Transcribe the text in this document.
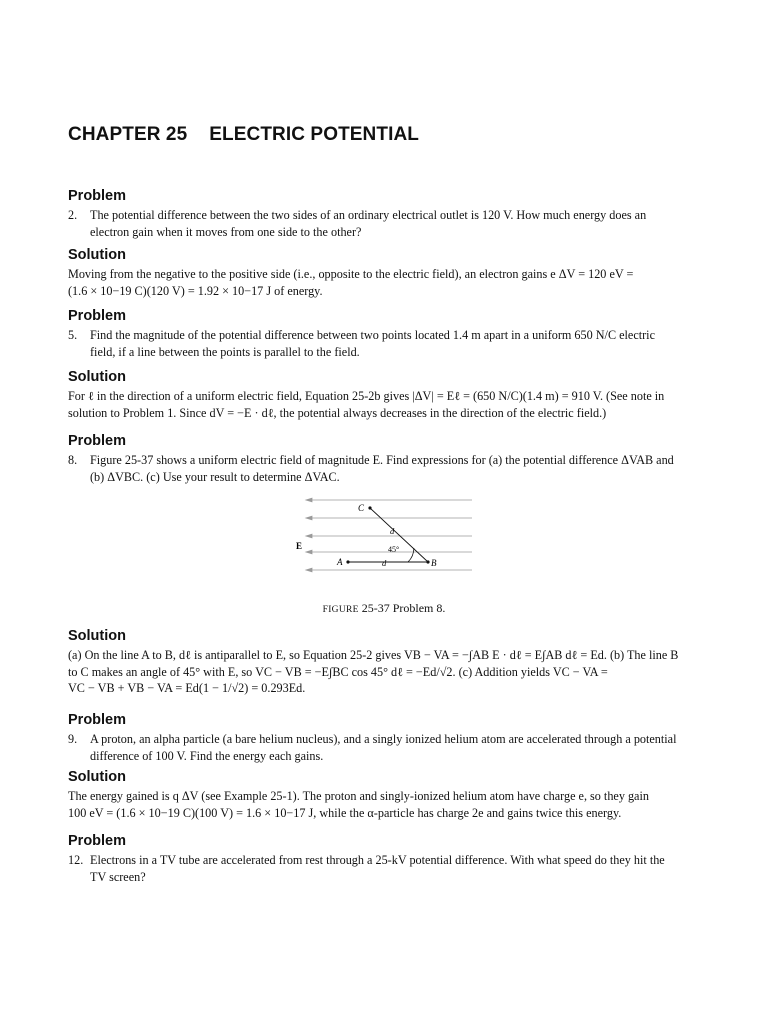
CHAPTER 25 ELECTRIC POTENTIAL
Problem
2. The potential difference between the two sides of an ordinary electrical outlet is 120 V. How much energy does an
electron gain when it moves from one side to the other?
Solution
Moving from the negative to the positive side (i.e., opposite to the electric field), an electron gains e ΔV = 120 eV =
(1.6 × 10−19 C)(120 V) = 1.92 × 10−17 J of energy.
Problem
5. Find the magnitude of the potential difference between two points located 1.4 m apart in a uniform 650 N/C electric
field, if a line between the points is parallel to the field.
Solution
For ℓ in the direction of a uniform electric field, Equation 25-2b gives |ΔV| = Eℓ = (650 N/C)(1.4 m) = 910 V. (See note in
solution to Problem 1. Since dV = −E · dℓ, the potential always decreases in the direction of the electric field.)
Problem
8. Figure 25-37 shows a uniform electric field of magnitude E. Find expressions for (a) the potential difference ΔVAB and
(b) ΔVBC. (c) Use your result to determine ΔVAC.
C
A	B
E
d
d
45°
FIGURE 25-37 Problem 8.
Solution
(a) On the line A to B, dℓ is antiparallel to E, so Equation 25-2 gives VB − VA = −∫AB E · dℓ = E∫AB dℓ = Ed. (b) The line B
to C makes an angle of 45° with E, so VC − VB = −E∫BC cos 45° dℓ = −Ed/√2. (c) Addition yields VC − VA =
VC − VB + VB − VA = Ed(1 − 1/√2) = 0.293Ed.
Problem
9. A proton, an alpha particle (a bare helium nucleus), and a singly ionized helium atom are accelerated through a potential
difference of 100 V. Find the energy each gains.
Solution
The energy gained is q ΔV (see Example 25-1). The proton and singly-ionized helium atom have charge e, so they gain
100 eV = (1.6 × 10−19 C)(100 V) = 1.6 × 10−17 J, while the α-particle has charge 2e and gains twice this energy.
Problem
12. Electrons in a TV tube are accelerated from rest through a 25-kV potential difference. With what speed do they hit the
TV screen?
